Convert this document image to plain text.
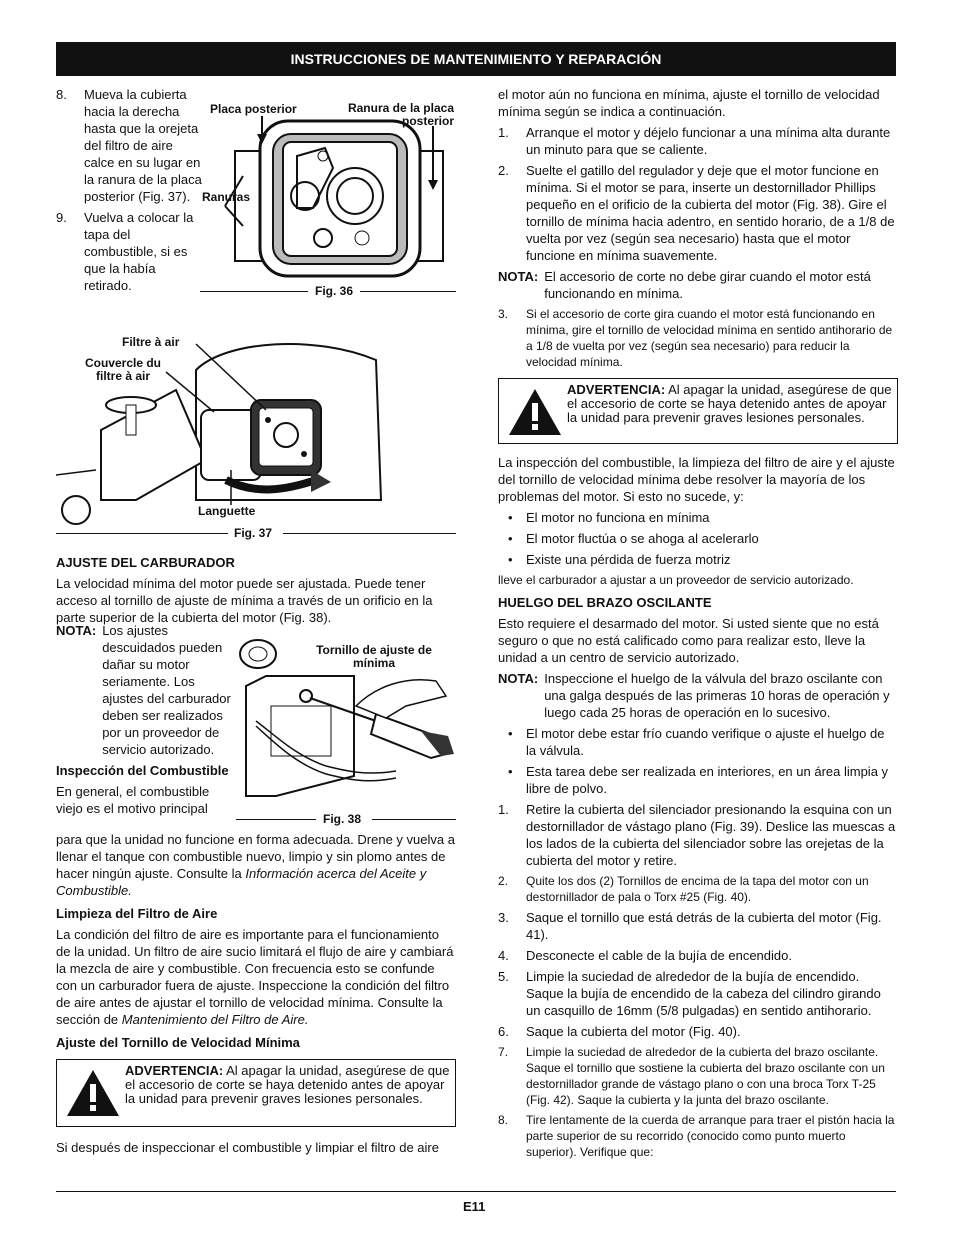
INSTRUCCIONES DE MANTENIMIENTO Y REPARACIÓN
8.	Mueva la cubierta hacia la derecha hasta que la orejeta del filtro de aire calce en su lugar en la ranura de la placa posterior (Fig. 37).
9.	Vuelva a colocar la tapa del combustible, si es que la había retirado.
Placa posterior	Ranura de la placa posterior
Ranuras
Fig. 36
Filtre à air
Couvercle du filtre à air
Languette
Fig. 37
AJUSTE DEL CARBURADOR

La velocidad mínima del motor puede ser ajustada. Puede tener acceso al tornillo de ajuste de mínima a través de un orificio en la parte superior de la cubierta del motor (Fig. 38).

NOTA: Los ajustes descuidados pueden dañar su motor seriamente. Los ajustes del carburador deben ser realizados por un proveedor de servicio autorizado.
Inspección del Combustible

En general, el combustible viejo es el motivo principal

Tornillo de ajuste de mínima
Fig. 38

para que la unidad no funcione en forma adecuada. Drene y vuelva a llenar el tanque con combustible nuevo, limpio y sin plomo antes de hacer ningún ajuste. Consulte la Información acerca del Aceite y Combustible.

Limpieza del Filtro de Aire

La condición del filtro de aire es importante para el funcionamiento de la unidad. Un filtro de aire sucio limitará el flujo de aire y cambiará la mezcla de aire y combustible. Con frecuencia esto se confunde con un carburador fuera de ajuste. Inspeccione la condición del filtro de aire antes de ajustar el tornillo de velocidad mínima. Consulte la sección de Mantenimiento del Filtro de Aire.

Ajuste del Tornillo de Velocidad Mínima
ADVERTENCIA: Al apagar la unidad, asegúrese de que el accesorio de corte se haya detenido antes de apoyar la unidad para prevenir graves lesiones personales.

Si después de inspeccionar el combustible y limpiar el filtro de aire

el motor aún no funciona en mínima, ajuste el tornillo de velocidad mínima según se indica a continuación.

1.	Arranque el motor y déjelo funcionar a una mínima alta durante un minuto para que se caliente.
2.	Suelte el gatillo del regulador y deje que el motor funcione en mínima. Si el motor se para, inserte un destornillador Phillips pequeño en el orificio de la cubierta del motor (Fig. 38). Gire el tornillo de mínima hacia adentro, en sentido horario, de a 1/8 de vuelta por vez (según sea necesario) hasta que el motor funcione en mínima suavemente.
NOTA: El accesorio de corte no debe girar cuando el motor está funcionando en mínima.
3.	Si el accesorio de corte gira cuando el motor está funcionando en mínima, gire el tornillo de velocidad mínima en sentido antihorario de a 1/8 de vuelta por vez (según sea necesario) para reducir la velocidad mínima.
ADVERTENCIA: Al apagar la unidad, asegúrese de que el accesorio de corte se haya detenido antes de apoyar la unidad para prevenir graves lesiones personales.

La inspección del combustible, la limpieza del filtro de aire y el ajuste del tornillo de velocidad mínima debe resolver la mayoría de los problemas del motor. Si esto no sucede, y:

•	El motor no funciona en mínima
•	El motor fluctúa o se ahoga al acelerarlo
•	Existe una pérdida de fuerza motriz

lleve el carburador a ajustar a un proveedor de servicio autorizado.

HUELGO DEL BRAZO OSCILANTE

Esto requiere el desarmado del motor. Si usted siente que no está seguro o que no está calificado como para realizar esto, lleve la unidad a un centro de servicio autorizado.

NOTA: Inspeccione el huelgo de la válvula del brazo oscilante con una galga después de las primeras 10 horas de operación y luego cada 25 horas de operación en lo sucesivo.
•	El motor debe estar frío cuando verifique o ajuste el huelgo de la válvula.
•	Esta tarea debe ser realizada en interiores, en un área limpia y libre de polvo.
1.	Retire la cubierta del silenciador presionando la esquina con un destornillador de vástago plano (Fig. 39). Deslice las muescas a los lados de la cubierta del silenciador sobre las orejetas de la cubierta del motor y retire.
2.	Quite los dos (2) Tornillos de encima de la tapa del motor con un destornillador de pala o Torx #25 (Fig. 40).
3.	Saque el tornillo que está detrás de la cubierta del motor (Fig. 41).
4.	Desconecte el cable de la bujía de encendido.
5.	Limpie la suciedad de alrededor de la bujía de encendido. Saque la bujía de encendido de la cabeza del cilindro girando un casquillo de 16mm (5/8 pulgadas) en sentido antihorario.
6.	Saque la cubierta del motor (Fig. 40).
7.	Limpie la suciedad de alrededor de la cubierta del brazo oscilante. Saque el tornillo que sostiene la cubierta del brazo oscilante con un destornillador grande de vástago plano o con una broca Torx T-25 (Fig. 42). Saque la cubierta y la junta del brazo oscilante.
8.	Tire lentamente de la cuerda de arranque para traer el pistón hacia la parte superior de su recorrido (conocido como punto muerto superior). Verifique que:
E11
